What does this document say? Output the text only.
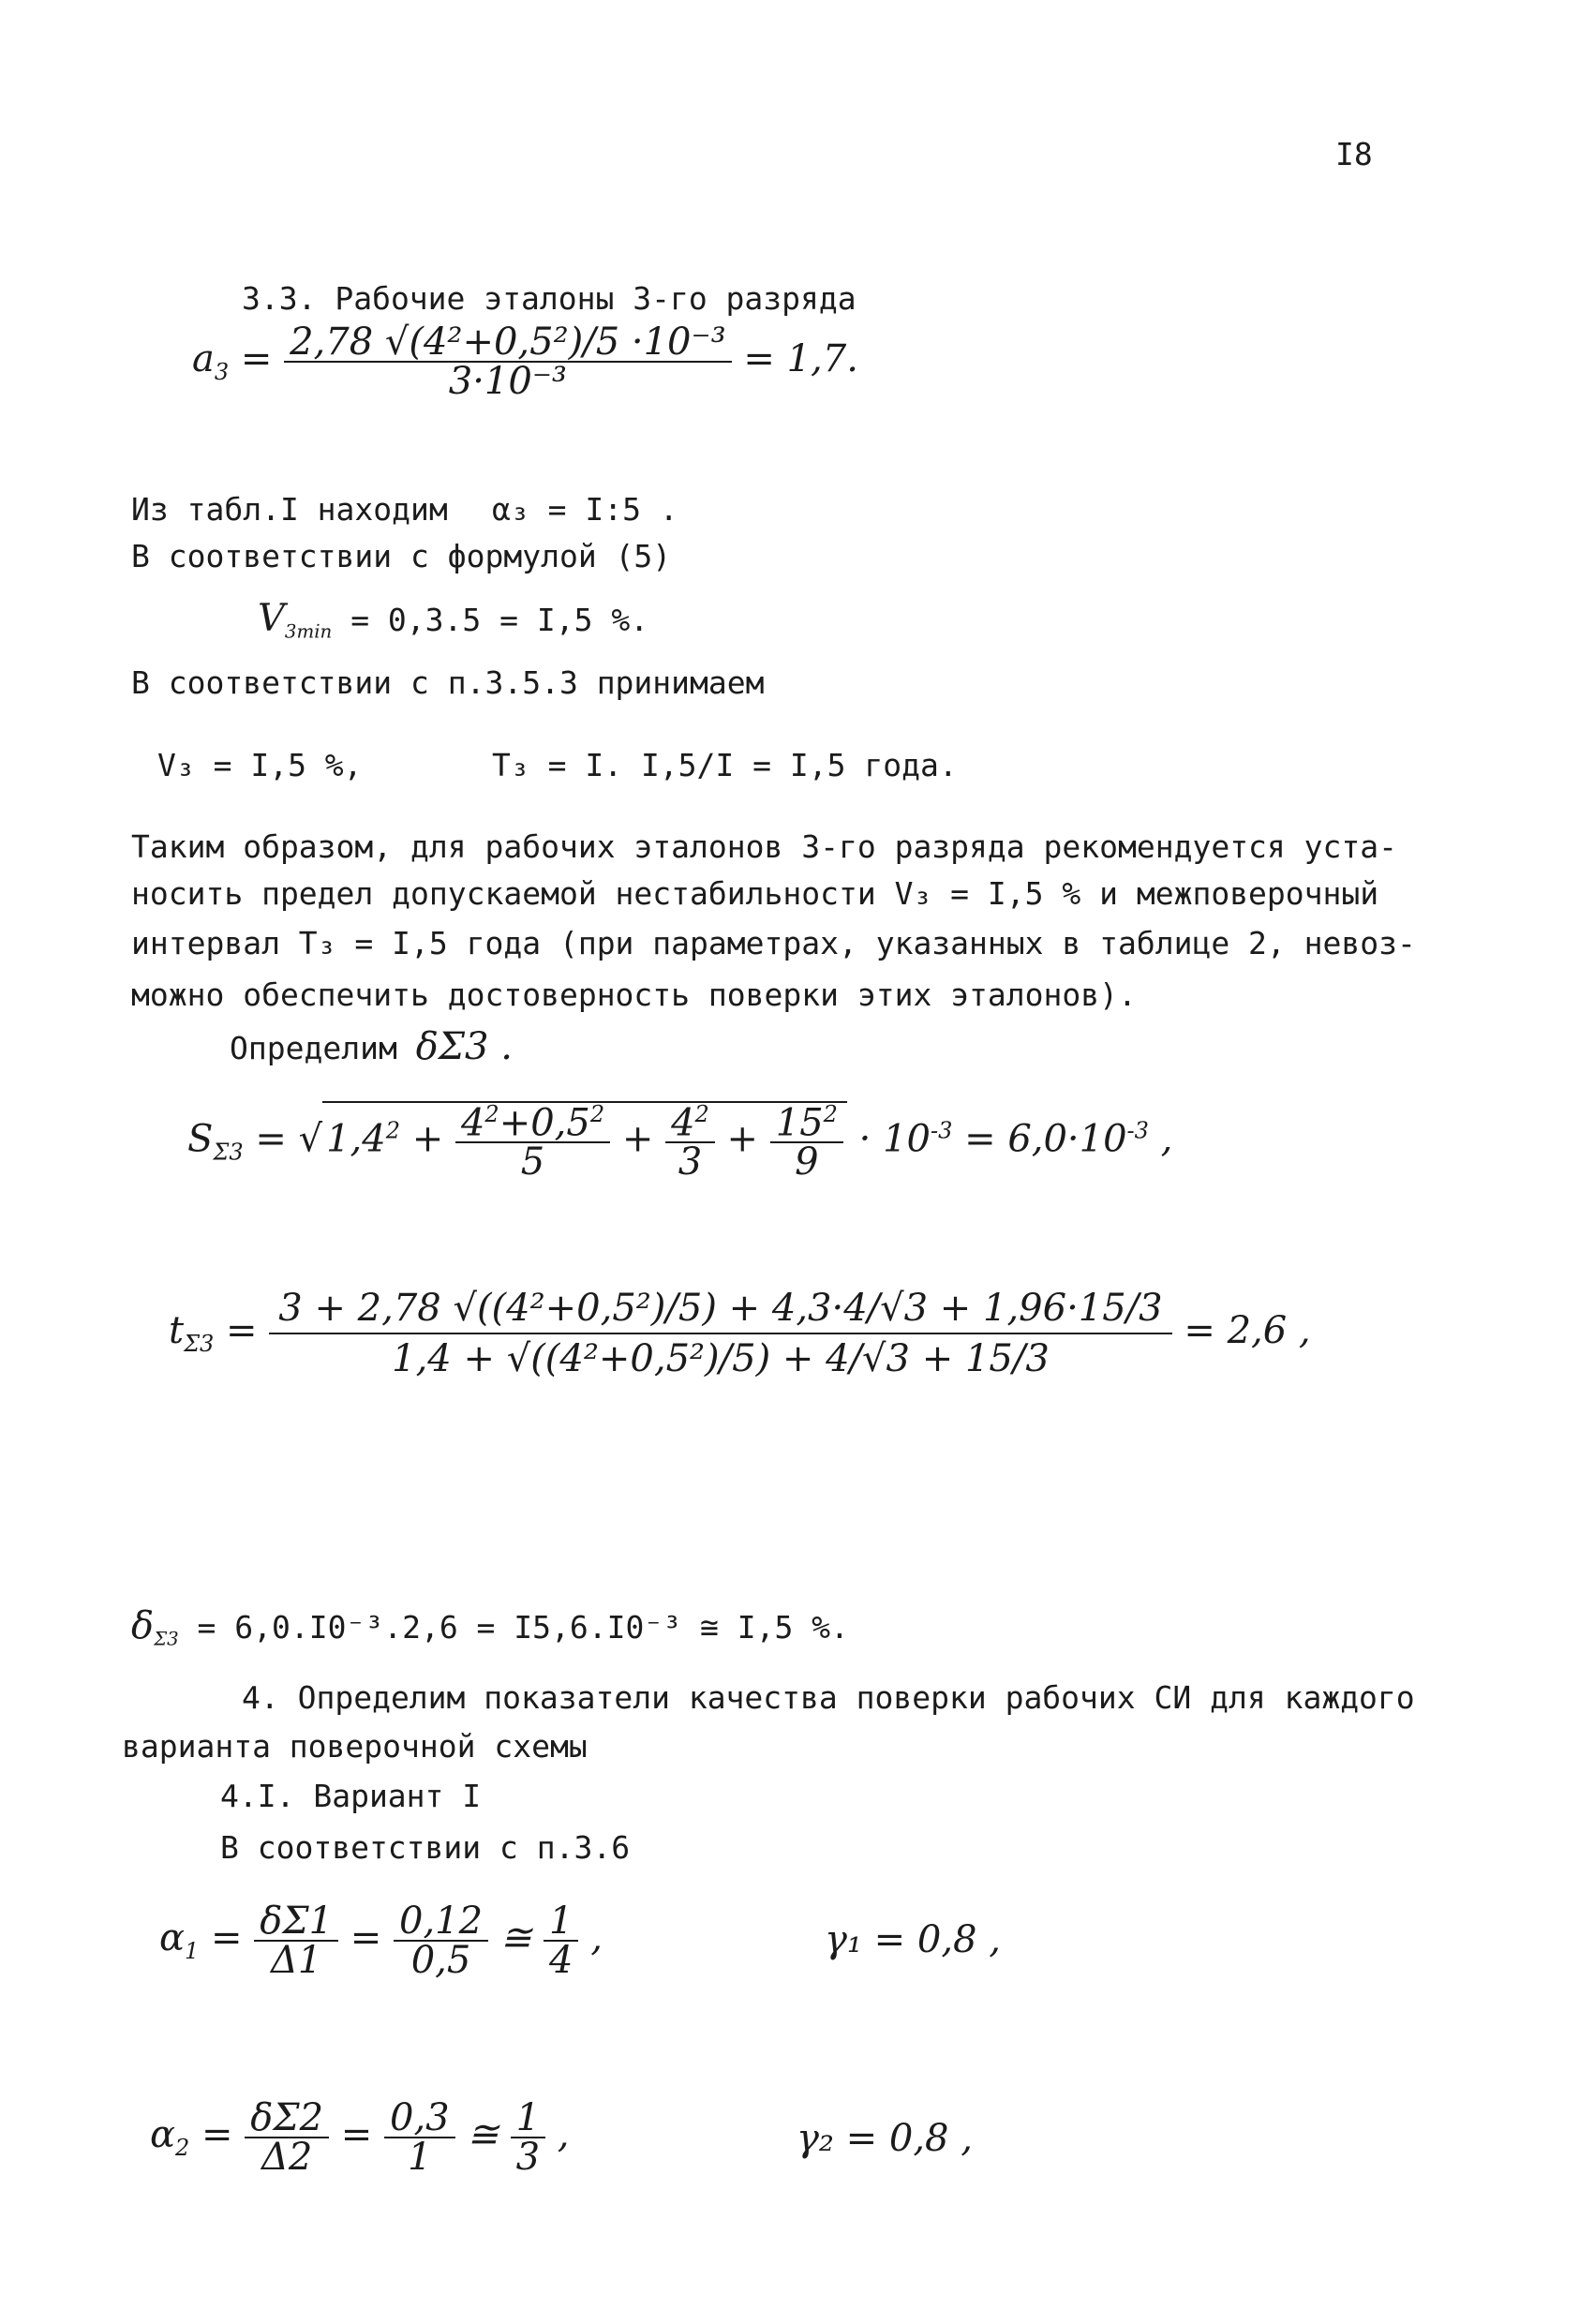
I8
3.3. Рабочие эталоны 3-го разряда
$a_3 = \frac{\text{2,78 √(4²+0,5²)/5 ·10⁻³}}{\text{3·10⁻³}} = 1,7$.
Из табл.I находим α₃ = I:5 .
В соответствии с формулой (5)
$V_{3min} = 0,3.5 = I,5$ %.
В соответствии с п.3.5.3 принимаем
V₃ = I,5 %,	T₃ = I. I,5/I = I,5 года.
Таким образом, для рабочих эталонов 3-го разряда рекомендуется уста-
носить предел допускаемой нестабильности V₃ = I,5 % и межповерочный
интервал T₃ = I,5 года (при параметрах, указанных в таблице 2, невоз-
можно обеспечить достоверность поверки этих эталонов).
Определим δΣ3 .
$S_{\Sigma 3}$ = √ $1,4^2 + \frac{4^2+0,5^2}{5} + \frac{4^2}{3} + \frac{15^2}{9} \cdot 10^{-3} = 6,0\cdot 10^{-3}$ ,
$t_{\Sigma 3} = \frac{\text{3 + 2,78 √((4²+0,5²)/5) + 4,3·4/√3 + 1,96·15/3}}{\text{1,4 + √((4²+0,5²)/5) + 4/√3 + 15/3}} = 2,6$ ,
$\delta_{\Sigma 3} = 6,0.I0^{-3}.2,6 = I5,6.I0^{-3}$ ≅ I,5 %.
4. Определим показатели качества поверки рабочих СИ для каждого
варианта поверочной схемы
4.I. Вариант I
В соответствии с п.3.6
$\alpha_1 = \frac{\delta\Sigma 1}{\Delta 1} = \frac{0,12}{0,5}$ ≅ $\frac{1}{4}$ ,	γ₁ = 0,8 ,
$\alpha_2 = \frac{\delta\Sigma 2}{\Delta 2} = \frac{0,3}{1}$ ≅ $\frac{1}{3}$ ,	γ₂ = 0,8 ,
